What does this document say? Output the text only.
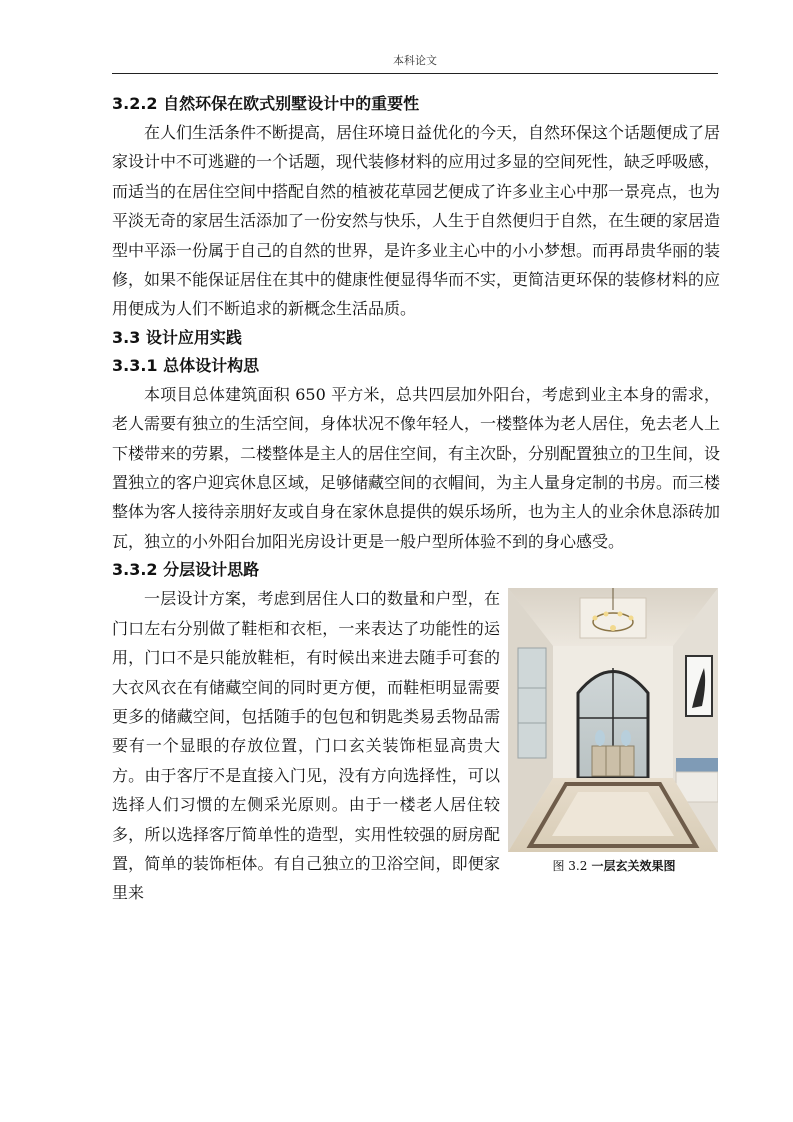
本科论文
3.2.2 自然环保在欧式别墅设计中的重要性

在人们生活条件不断提高，居住环境日益优化的今天，自然环保这个话题便成了居家设计中不可逃避的一个话题，现代装修材料的应用过多显的空间死性，缺乏呼吸感，而适当的在居住空间中搭配自然的植被花草园艺便成了许多业主心中那一景亮点，也为平淡无奇的家居生活添加了一份安然与快乐，人生于自然便归于自然，在生硬的家居造型中平添一份属于自己的自然的世界，是许多业主心中的小小梦想。而再昂贵华丽的装修，如果不能保证居住在其中的健康性便显得华而不实，更简洁更环保的装修材料的应用便成为人们不断追求的新概念生活品质。

3.3 设计应用实践
3.3.1 总体设计构思

本项目总体建筑面积 650 平方米，总共四层加外阳台，考虑到业主本身的需求，老人需要有独立的生活空间，身体状况不像年轻人，一楼整体为老人居住，免去老人上下楼带来的劳累，二楼整体是主人的居住空间，有主次卧，分别配置独立的卫生间，设置独立的客户迎宾休息区域，足够储藏空间的衣帽间，为主人量身定制的书房。而三楼整体为客人接待亲朋好友或自身在家休息提供的娱乐场所，也为主人的业余休息添砖加瓦，独立的小外阳台加阳光房设计更是一般户型所体验不到的身心感受。

3.3.2 分层设计思路
图 3.2 一层玄关效果图

一层设计方案，考虑到居住人口的数量和户型，在门口左右分别做了鞋柜和衣柜，一来表达了功能性的运用，门口不是只能放鞋柜，有时候出来进去随手可套的大衣风衣在有储藏空间的同时更方便，而鞋柜明显需要更多的储藏空间，包括随手的包包和钥匙类易丢物品需要有一个显眼的存放位置，门口玄关装饰柜显高贵大方。由于客厅不是直接入门见，没有方向选择性，可以选择人们习惯的左侧采光原则。由于一楼老人居住较多，所以选择客厅简单性的造型，实用性较强的厨房配置，简单的装饰柜体。有自己独立的卫浴空间，即便家里来
